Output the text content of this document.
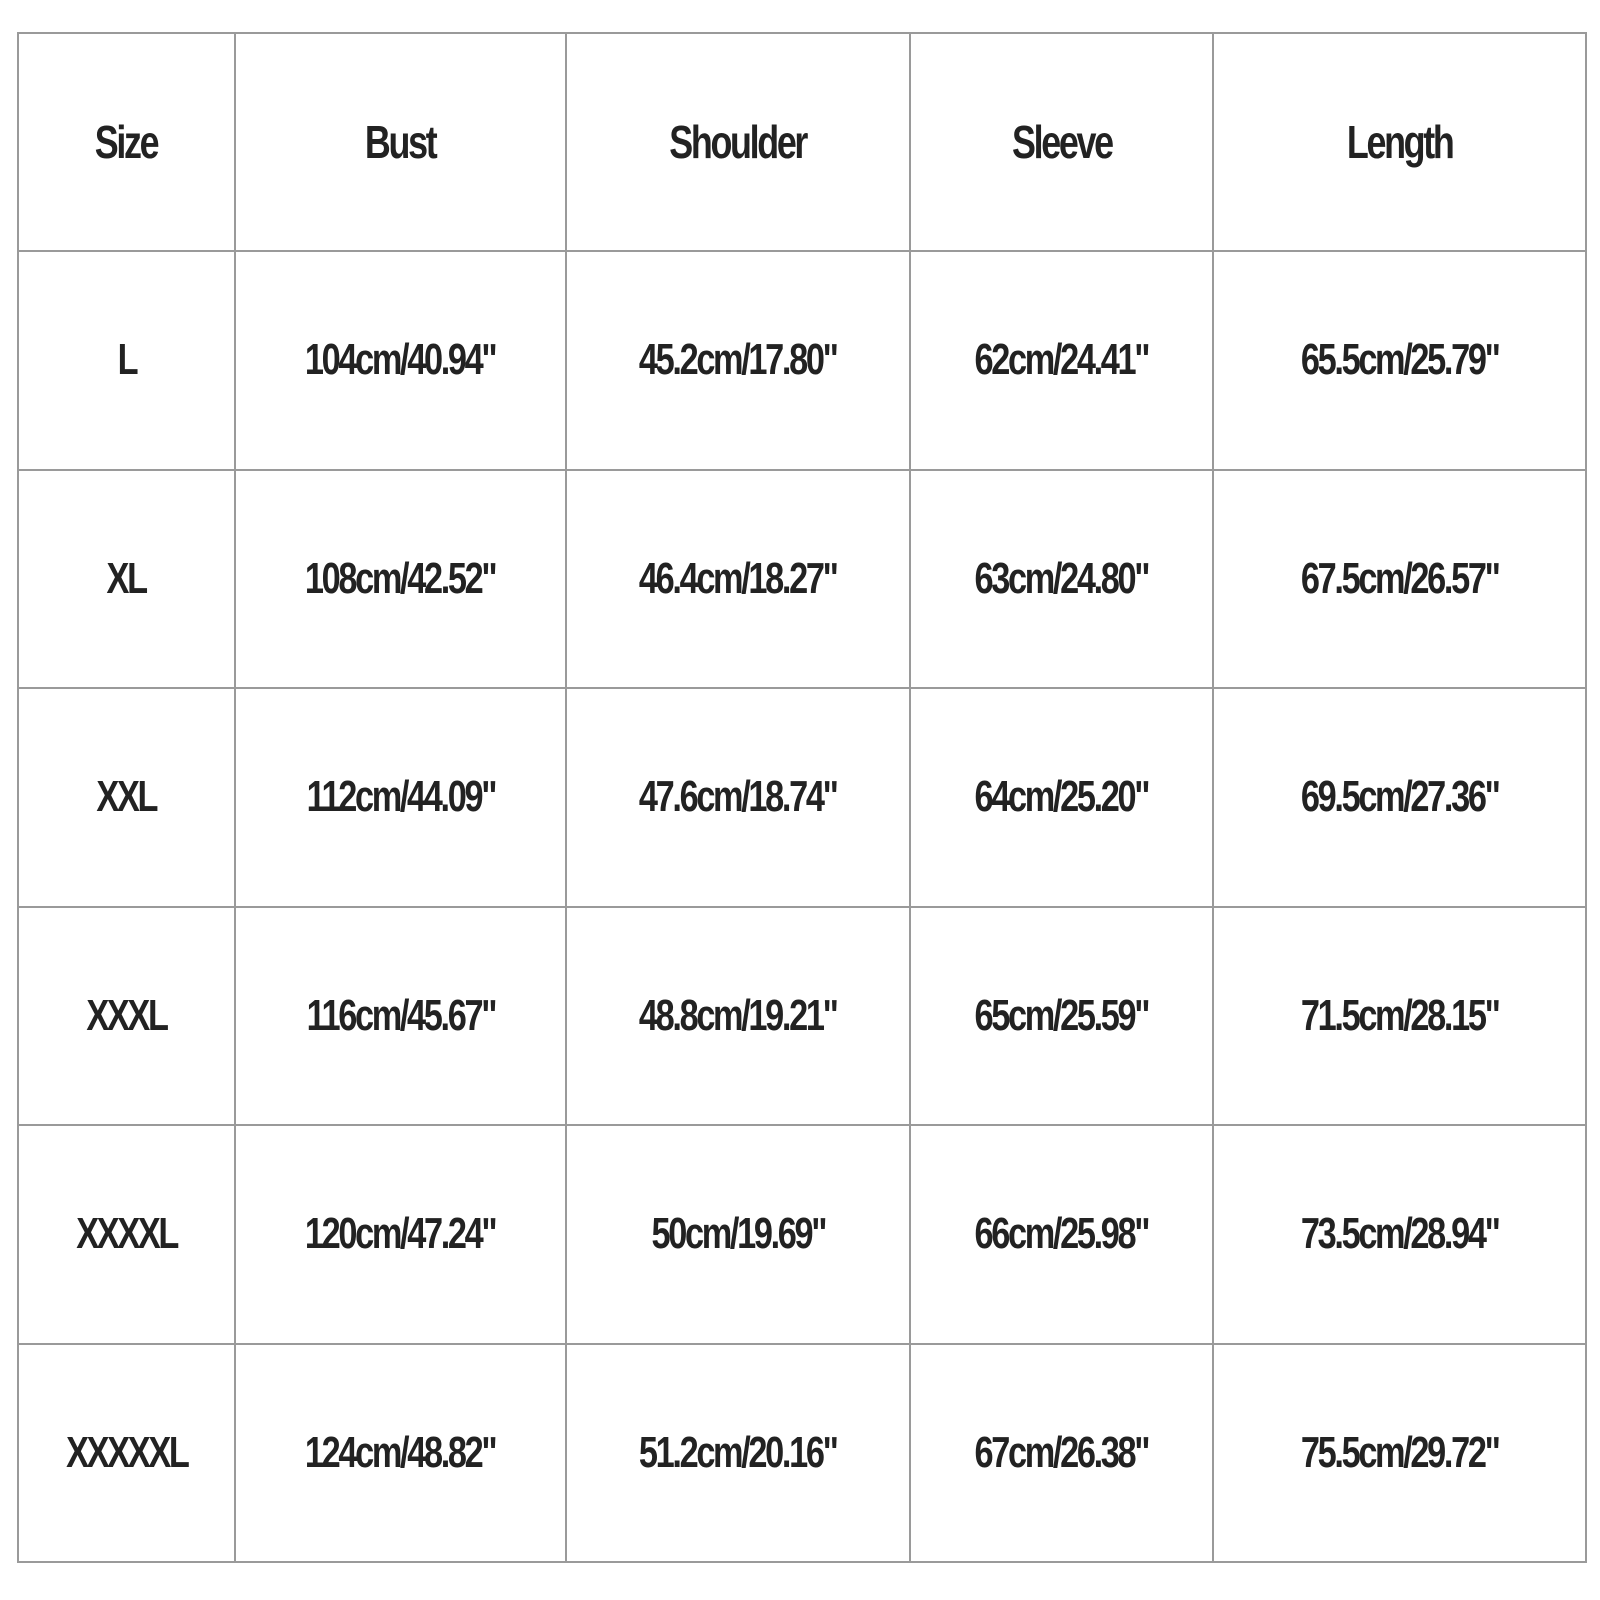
Size	Bust	Shoulder	Sleeve	Length
L	104cm/40.94"	45.2cm/17.80"	62cm/24.41"	65.5cm/25.79"
XL	108cm/42.52"	46.4cm/18.27"	63cm/24.80"	67.5cm/26.57"
XXL	112cm/44.09"	47.6cm/18.74"	64cm/25.20"	69.5cm/27.36"
XXXL	116cm/45.67"	48.8cm/19.21"	65cm/25.59"	71.5cm/28.15"
XXXXL	120cm/47.24"	50cm/19.69"	66cm/25.98"	73.5cm/28.94"
XXXXXL	124cm/48.82"	51.2cm/20.16"	67cm/26.38"	75.5cm/29.72"
